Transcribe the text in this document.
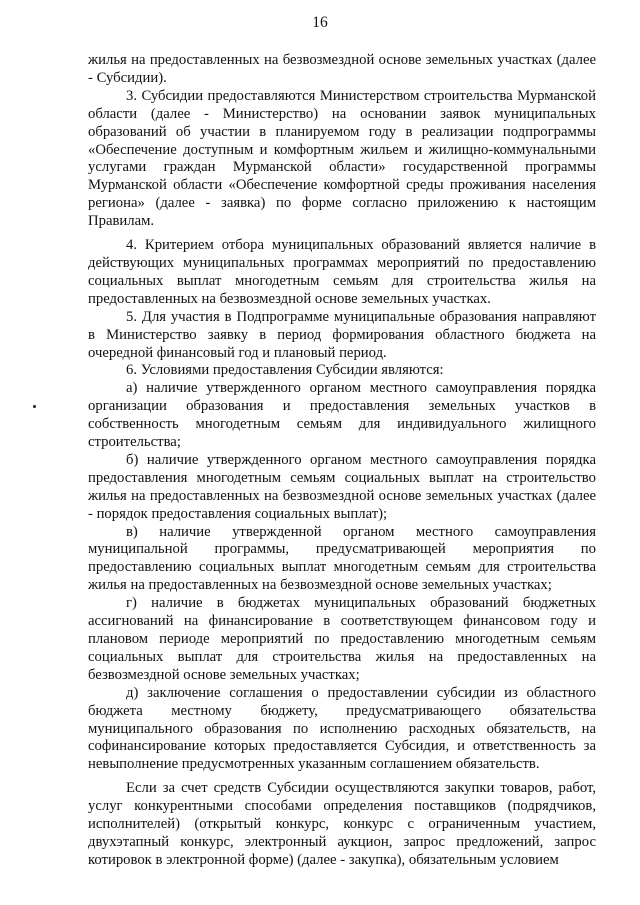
16

жилья на предоставленных на безвозмездной основе земельных участках (далее - Субсидии).

3. Субсидии предоставляются Министерством строительства Мурманской области (далее - Министерство) на основании заявок муниципальных образований об участии в планируемом году в реализации подпрограммы «Обеспечение доступным и комфортным жильем и жилищно-коммунальными услугами граждан Мурманской области» государственной программы Мурманской области «Обеспечение комфортной среды проживания населения региона» (далее - заявка) по форме согласно приложению к настоящим Правилам.

4. Критерием отбора муниципальных образований является наличие в действующих муниципальных программах мероприятий по предоставлению социальных выплат многодетным семьям для строительства жилья на предоставленных на безвозмездной основе земельных участках.

5. Для участия в Подпрограмме муниципальные образования направляют в Министерство заявку в период формирования областного бюджета на очередной финансовый год и плановый период.

6. Условиями предоставления Субсидии являются:

а) наличие утвержденного органом местного самоуправления порядка организации образования и предоставления земельных участков в собственность многодетным семьям для индивидуального жилищного строительства;

б) наличие утвержденного органом местного самоуправления порядка предоставления многодетным семьям социальных выплат на строительство жилья на предоставленных на безвозмездной основе земельных участках (далее - порядок предоставления социальных выплат);

в) наличие утвержденной органом местного самоуправления муниципальной программы, предусматривающей мероприятия по предоставлению социальных выплат многодетным семьям для строительства жилья на предоставленных на безвозмездной основе земельных участках;

г) наличие в бюджетах муниципальных образований бюджетных ассигнований на финансирование в соответствующем финансовом году и плановом периоде мероприятий по предоставлению многодетным семьям социальных выплат для строительства жилья на предоставленных на безвозмездной основе земельных участках;

д) заключение соглашения о предоставлении субсидии из областного бюджета местному бюджету, предусматривающего обязательства муниципального образования по исполнению расходных обязательств, на софинансирование которых предоставляется Субсидия, и ответственность за невыполнение предусмотренных указанным соглашением обязательств.

Если за счет средств Субсидии осуществляются закупки товаров, работ, услуг конкурентными способами определения поставщиков (подрядчиков, исполнителей) (открытый конкурс, конкурс с ограниченным участием, двухэтапный конкурс, электронный аукцион, запрос предложений, запрос котировок в электронной форме) (далее - закупка), обязательным условием
